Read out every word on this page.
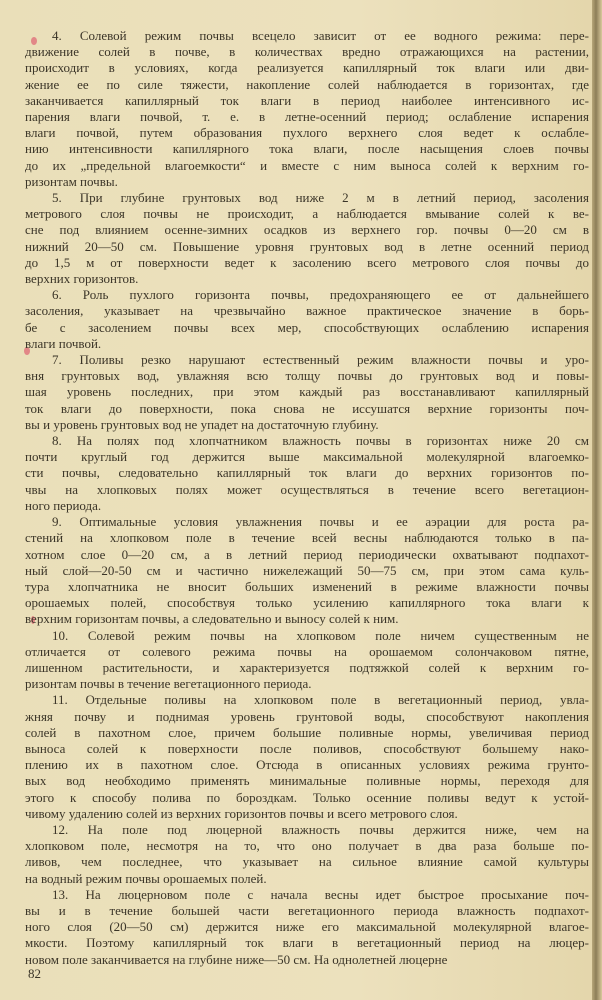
4. Солевой режим почвы всецело зависит от ее водного режима: пере-
движение солей в почве, в количествах вредно отражающихся на растении,
происходит в условиях, когда реализуется капиллярный ток влаги или дви-
жение ее по силе тяжести, накопление солей наблюдается в горизонтах, где
заканчивается капиллярный ток влаги в период наиболее интенсивного ис-
парения влаги почвой, т. е. в летне-осенний период; ослабление испарения
влаги почвой, путем образования пухлого верхнего слоя ведет к ослабле-
нию интенсивности капиллярного тока влаги, после насыщения слоев почвы
до их „предельной влагоемкости“ и вместе с ним выноса солей к верхним го-
ризонтам почвы.
5. При глубине грунтовых вод ниже 2 м в летний период, засоления
метрового слоя почвы не происходит, а наблюдается вмывание солей к ве-
сне под влиянием осенне-зимних осадков из верхнего гор. почвы 0—20 см в
нижний 20—50 см. Повышение уровня грунтовых вод в летне осенний период
до 1,5 м от поверхности ведет к засолению всего метрового слоя почвы до
верхних горизонтов.
6. Роль пухлого горизонта почвы, предохраняющего ее от дальнейшего
засоления, указывает на чрезвычайно важное практическое значение в борь-
бе с засолением почвы всех мер, способствующих ослаблению испарения
влаги почвой.
7. Поливы резко нарушают естественный режим влажности почвы и уро-
вня грунтовых вод, увлажняя всю толщу почвы до грунтовых вод и повы-
шая уровень последних, при этом каждый раз восстанавливают капиллярный
ток влаги до поверхности, пока снова не иссушатся верхние горизонты поч-
вы и уровень грунтовых вод не упадет на достаточную глубину.
8. На полях под хлопчатником влажность почвы в горизонтах ниже 20 см
почти круглый год держится выше максимальной молекулярной влагоемко-
сти почвы, следовательно капиллярный ток влаги до верхних горизонтов по-
чвы на хлопковых полях может осуществляться в течение всего вегетацион-
ного периода.
9. Оптимальные условия увлажнения почвы и ее аэрации для роста ра-
стений на хлопковом поле в течение всей весны наблюдаются только в па-
хотном слое 0—20 см, а в летний период периодически охватывают подпахот-
ный слой—20-50 см и частично нижележащий 50—75 см, при этом сама куль-
тура хлопчатника не вносит больших изменений в режиме влажности почвы
орошаемых полей, способствуя только усилению капиллярного тока влаги к
верхним горизонтам почвы, а следовательно и выносу солей к ним.
10. Солевой режим почвы на хлопковом поле ничем существенным не
отличается от солевого режима почвы на орошаемом солончаковом пятне,
лишенном растительности, и характеризуется подтяжкой солей к верхним го-
ризонтам почвы в течение вегетационного периода.
11. Отдельные поливы на хлопковом поле в вегетационный период, увла-
жняя почву и поднимая уровень грунтовой воды, способствуют накопления
солей в пахотном слое, причем большие поливные нормы, увеличивая период
выноса солей к поверхности после поливов, способствуют большему нако-
плению их в пахотном слое. Отсюда в описанных условиях режима грунто-
вых вод необходимо применять минимальные поливные нормы, переходя для
этого к способу полива по бороздкам. Только осенние поливы ведут к устой-
чивому удалению солей из верхних горизонтов почвы и всего метрового слоя.
12. На поле под люцерной влажность почвы держится ниже, чем на
хлопковом поле, несмотря на то, что оно получает в два раза больше по-
ливов, чем последнее, что указывает на сильное влияние самой культуры
на водный режим почвы орошаемых полей.
13. На люцерновом поле с начала весны идет быстрое просыхание поч-
вы и в течение большей части вегетационного периода влажность подпахот-
ного слоя (20—50 см) держится ниже его максимальной молекулярной влагое-
мкости. Поэтому капиллярный ток влаги в вегетационный период на люцер-
новом поле заканчивается на глубине ниже—50 см. На однолетней люцерне
82
